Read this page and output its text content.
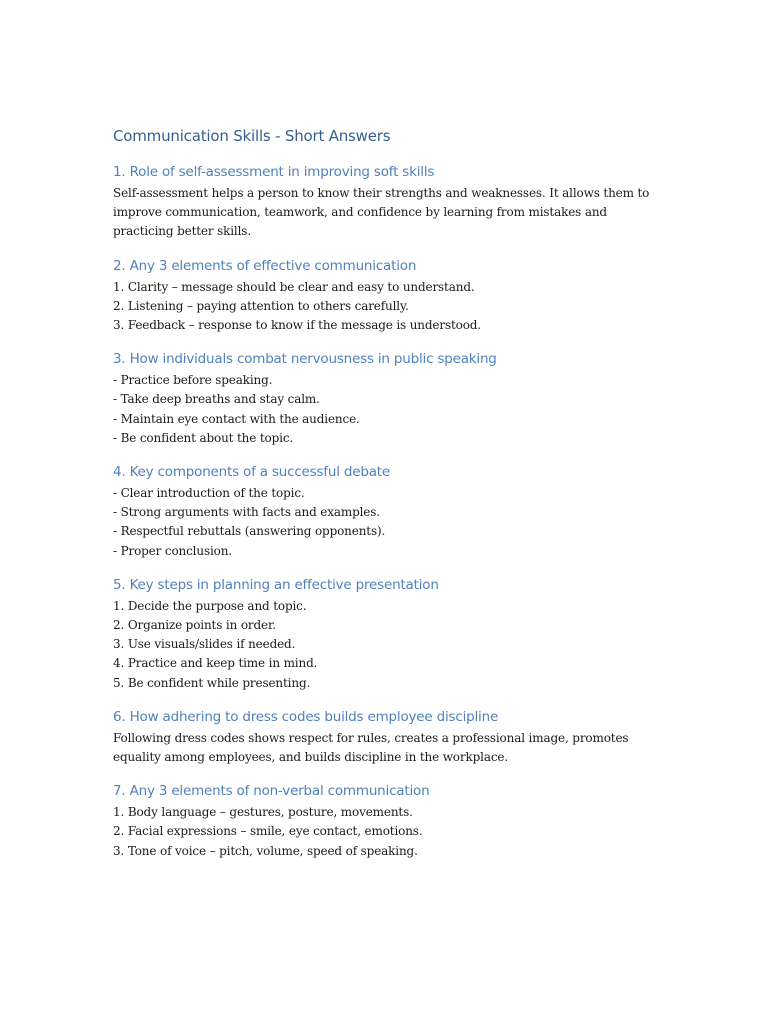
Communication Skills - Short Answers
1. Role of self-assessment in improving soft skills
Self-assessment helps a person to know their strengths and weaknesses. It allows them to
improve communication, teamwork, and confidence by learning from mistakes and
practicing better skills.
2. Any 3 elements of effective communication
1. Clarity – message should be clear and easy to understand.
2. Listening – paying attention to others carefully.
3. Feedback – response to know if the message is understood.
3. How individuals combat nervousness in public speaking
- Practice before speaking.
- Take deep breaths and stay calm.
- Maintain eye contact with the audience.
- Be confident about the topic.
4. Key components of a successful debate
- Clear introduction of the topic.
- Strong arguments with facts and examples.
- Respectful rebuttals (answering opponents).
- Proper conclusion.
5. Key steps in planning an effective presentation
1. Decide the purpose and topic.
2. Organize points in order.
3. Use visuals/slides if needed.
4. Practice and keep time in mind.
5. Be confident while presenting.
6. How adhering to dress codes builds employee discipline
Following dress codes shows respect for rules, creates a professional image, promotes
equality among employees, and builds discipline in the workplace.
7. Any 3 elements of non-verbal communication
1. Body language – gestures, posture, movements.
2. Facial expressions – smile, eye contact, emotions.
3. Tone of voice – pitch, volume, speed of speaking.
